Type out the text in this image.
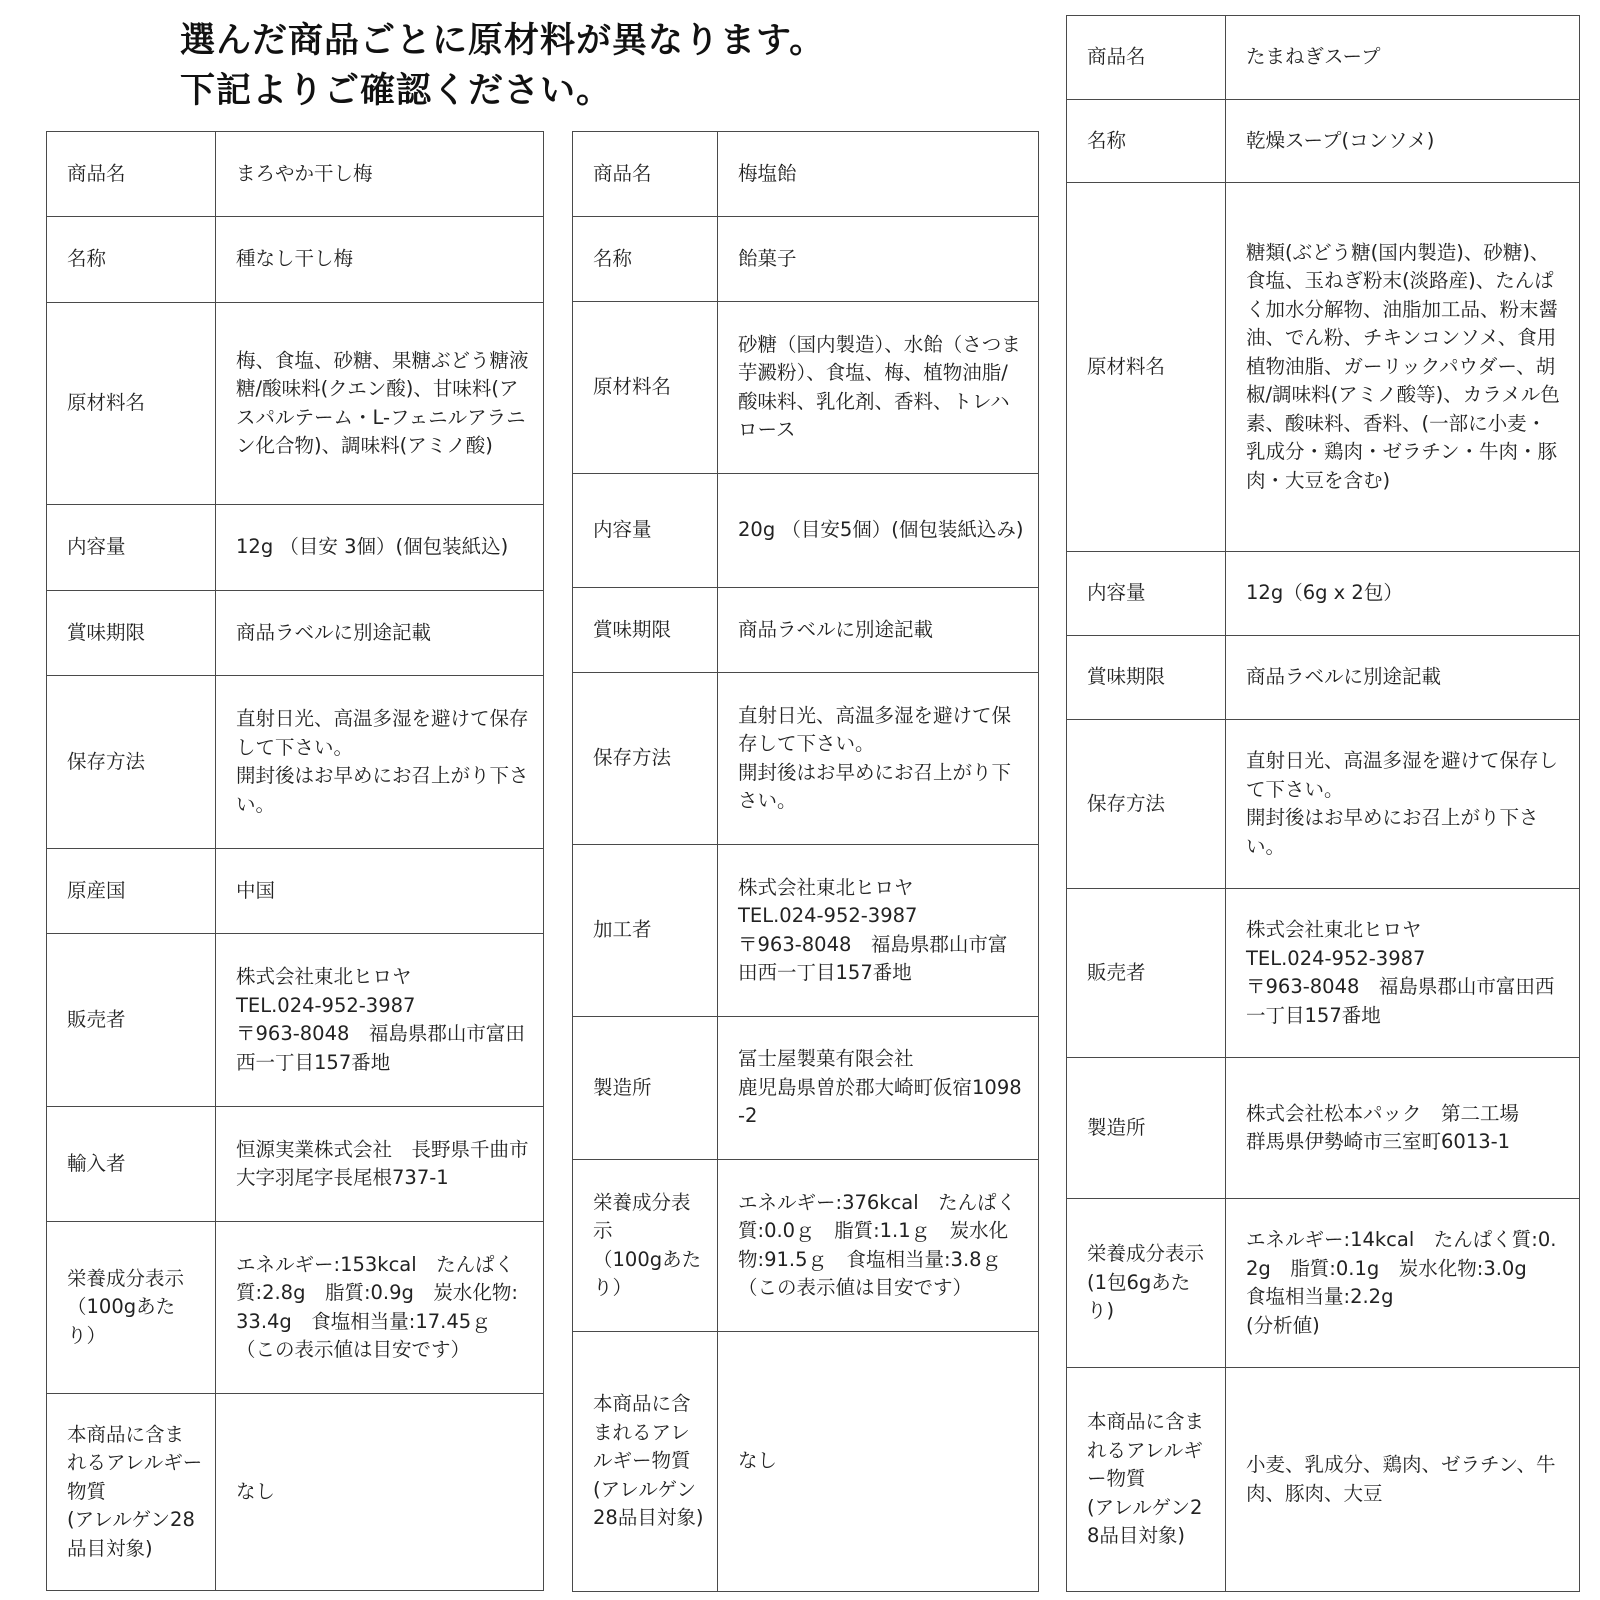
選んだ商品ごとに原材料が異なります。
下記よりご確認ください。
商品名	まろやか干し梅
名称	種なし干し梅
原材料名	梅、食塩、砂糖、果糖ぶどう糖液糖/酸味料(クエン酸)、甘味料(アスパルテーム・L-フェニルアラニン化合物)、調味料(アミノ酸)
内容量	12g （目安 3個）(個包装紙込)
賞味期限	商品ラベルに別途記載
保存方法	直射日光、高温多湿を避けて保存して下さい。
開封後はお早めにお召上がり下さい。
原産国	中国
販売者	株式会社東北ヒロヤ
TEL.024-952-3987
〒963-8048　福島県郡山市富田西一丁目157番地
輸入者	恒源実業株式会社　長野県千曲市大字羽尾字長尾根737-1
栄養成分表示
（100gあたり）	エネルギー:153kcal　たんぱく質:2.8g　脂質:0.9g　炭水化物:33.4g　食塩相当量:17.45ｇ
（この表示値は目安です）
本商品に含まれるアレルギー物質
(アレルゲン28品目対象)	なし
商品名	梅塩飴
名称	飴菓子
原材料名	砂糖（国内製造）、水飴（さつま芋澱粉）、食塩、梅、植物油脂/酸味料、乳化剤、香料、トレハロース
内容量	20g （目安5個）(個包装紙込み)
賞味期限	商品ラベルに別途記載
保存方法	直射日光、高温多湿を避けて保存して下さい。
開封後はお早めにお召上がり下さい。
加工者	株式会社東北ヒロヤ
TEL.024-952-3987
〒963-8048　福島県郡山市富田西一丁目157番地
製造所	冨士屋製菓有限会社
鹿児島県曽於郡大崎町仮宿1098-2
栄養成分表示
（100gあたり）	エネルギー:376kcal　たんぱく質:0.0ｇ　脂質:1.1ｇ　炭水化物:91.5ｇ　食塩相当量:3.8ｇ （この表示値は目安です）
本商品に含まれるアレルギー物質(アレルゲン28品目対象)	なし
商品名	たまねぎスープ
名称	乾燥スープ(コンソメ)
原材料名	糖類(ぶどう糖(国内製造)、砂糖)、食塩、玉ねぎ粉末(淡路産)、たんぱく加水分解物、油脂加工品、粉末醤油、でん粉、チキンコンソメ、食用植物油脂、ガーリックパウダー、胡椒/調味料(アミノ酸等)、カラメル色素、酸味料、香料、(一部に小麦・乳成分・鶏肉・ゼラチン・牛肉・豚肉・大豆を含む)
内容量	12g（6g x 2包）
賞味期限	商品ラベルに別途記載
保存方法	直射日光、高温多湿を避けて保存して下さい。
開封後はお早めにお召上がり下さい。
販売者	株式会社東北ヒロヤ
TEL.024-952-3987
〒963-8048　福島県郡山市富田西一丁目157番地
製造所	株式会社松本パック　第二工場
群馬県伊勢崎市三室町6013-1
栄養成分表示
(1包6gあたり)	エネルギー:14kcal　たんぱく質:0.2g　脂質:0.1g　炭水化物:3.0g　食塩相当量:2.2g
(分析値)
本商品に含まれるアレルギー物質
(アレルゲン28品目対象)	小麦、乳成分、鶏肉、ゼラチン、牛肉、豚肉、大豆
